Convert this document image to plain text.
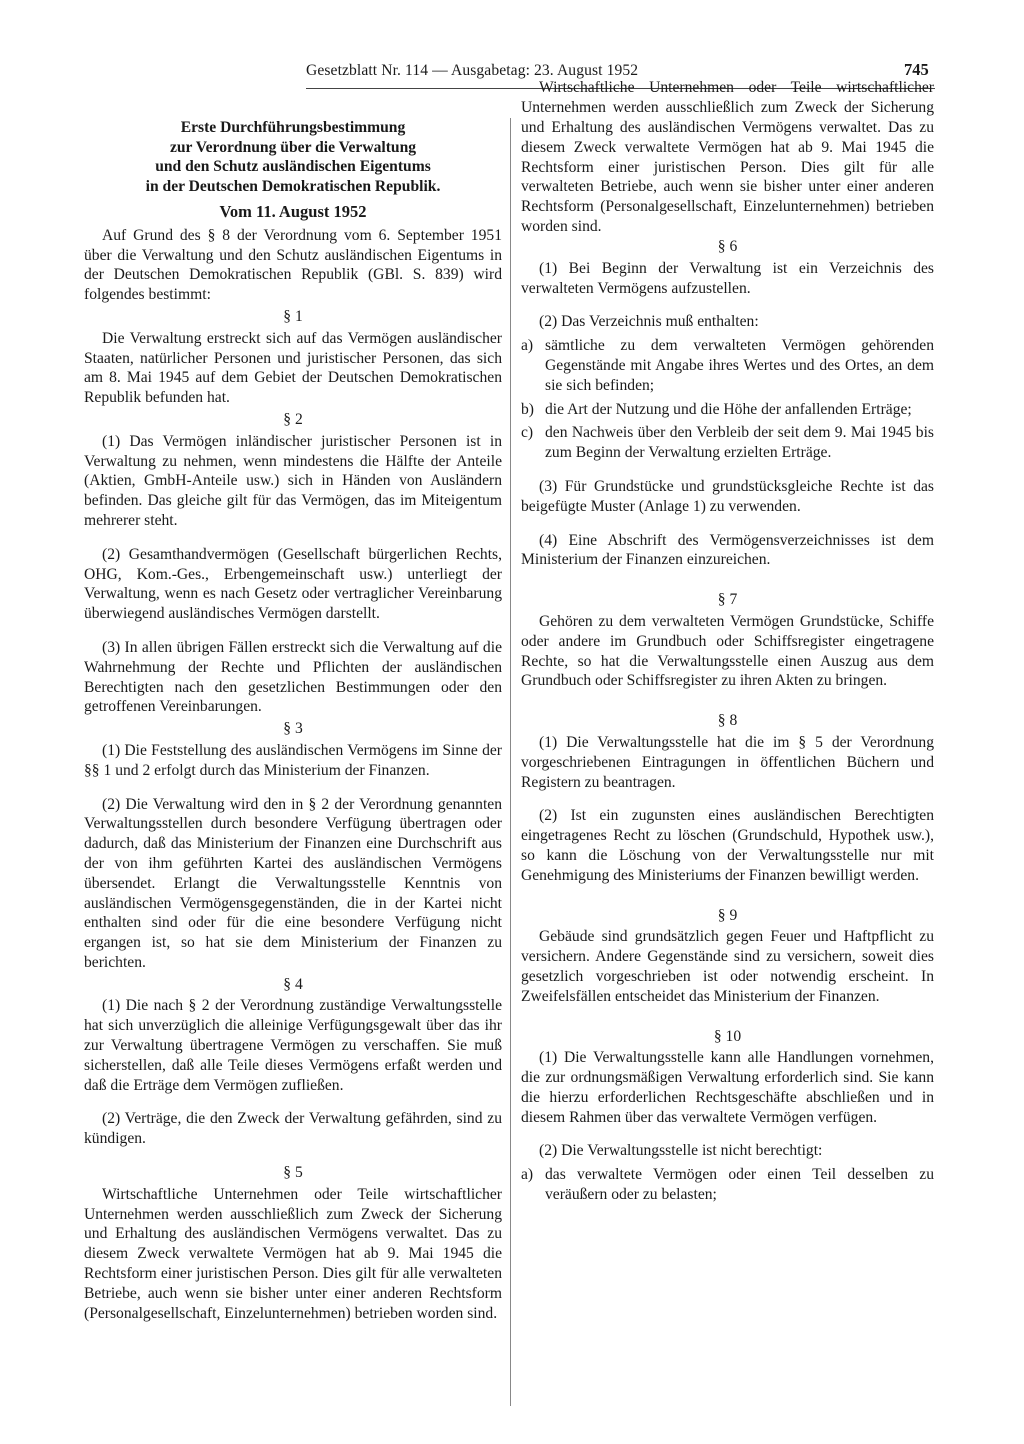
Gesetzblatt Nr. 114 — Ausgabetag: 23. August 1952	745
Erste Durchführungsbestimmung
zur Verordnung über die Verwaltung
und den Schutz ausländischen Eigentums
in der Deutschen Demokratischen Republik.
Vom 11. August 1952

Auf Grund des § 8 der Verordnung vom 6. September 1951 über die Verwaltung und den Schutz ausländischen Eigentums in der Deutschen Demokratischen Republik (GBl. S. 839) wird folgendes bestimmt:

§ 1

Die Verwaltung erstreckt sich auf das Vermögen ausländischer Staaten, natürlicher Personen und juristischer Personen, das sich am 8. Mai 1945 auf dem Gebiet der Deutschen Demokratischen Republik befunden hat.

§ 2

(1) Das Vermögen inländischer juristischer Personen ist in Verwaltung zu nehmen, wenn mindestens die Hälfte der Anteile (Aktien, GmbH-Anteile usw.) sich in Händen von Ausländern befinden. Das gleiche gilt für das Vermögen, das im Miteigentum mehrerer steht.

(2) Gesamthandvermögen (Gesellschaft bürgerlichen Rechts, OHG, Kom.-Ges., Erbengemeinschaft usw.) unterliegt der Verwaltung, wenn es nach Gesetz oder vertraglicher Vereinbarung überwiegend ausländisches Vermögen darstellt.

(3) In allen übrigen Fällen erstreckt sich die Verwaltung auf die Wahrnehmung der Rechte und Pflichten der ausländischen Berechtigten nach den gesetzlichen Bestimmungen oder den getroffenen Vereinbarungen.

§ 3

(1) Die Feststellung des ausländischen Vermögens im Sinne der §§ 1 und 2 erfolgt durch das Ministerium der Finanzen.

(2) Die Verwaltung wird den in § 2 der Verordnung genannten Verwaltungsstellen durch besondere Verfügung übertragen oder dadurch, daß das Ministerium der Finanzen eine Durchschrift aus der von ihm geführten Kartei des ausländischen Vermögens übersendet. Erlangt die Verwaltungsstelle Kenntnis von ausländischen Vermögensgegenständen, die in der Kartei nicht enthalten sind oder für die eine besondere Verfügung nicht ergangen ist, so hat sie dem Ministerium der Finanzen zu berichten.

§ 4

(1) Die nach § 2 der Verordnung zuständige Verwaltungsstelle hat sich unverzüglich die alleinige Verfügungsgewalt über das ihr zur Verwaltung übertragene Vermögen zu verschaffen. Sie muß sicherstellen, daß alle Teile dieses Vermögens erfaßt werden und daß die Erträge dem Vermögen zufließen.

(2) Verträge, die den Zweck der Verwaltung gefährden, sind zu kündigen.

§ 5

Wirtschaftliche Unternehmen oder Teile wirtschaftlicher Unternehmen werden ausschließlich zum Zweck der Sicherung und Erhaltung des ausländischen Vermögens verwaltet. Das zu diesem Zweck verwaltete Vermögen hat ab 9. Mai 1945 die Rechtsform einer juristischen Person. Dies gilt für alle verwalteten Betriebe, auch wenn sie bisher unter einer anderen Rechtsform (Personalgesellschaft, Einzelunternehmen) betrieben worden sind.

Wirtschaftliche Unternehmen oder Teile wirtschaftlicher Unternehmen werden ausschließlich zum Zweck der Sicherung und Erhaltung des ausländischen Vermögens verwaltet. Das zu diesem Zweck verwaltete Vermögen hat ab 9. Mai 1945 die Rechtsform einer juristischen Person. Dies gilt für alle verwalteten Betriebe, auch wenn sie bisher unter einer anderen Rechtsform (Personalgesellschaft, Einzelunternehmen) betrieben worden sind.

§ 6

(1) Bei Beginn der Verwaltung ist ein Verzeichnis des verwalteten Vermögens aufzustellen.

(2) Das Verzeichnis muß enthalten:

a) sämtliche zu dem verwalteten Vermögen gehörenden Gegenstände mit Angabe ihres Wertes und des Ortes, an dem sie sich befinden;
b) die Art der Nutzung und die Höhe der anfallenden Erträge;
c) den Nachweis über den Verbleib der seit dem 9. Mai 1945 bis zum Beginn der Verwaltung erzielten Erträge.

(3) Für Grundstücke und grundstücksgleiche Rechte ist das beigefügte Muster (Anlage 1) zu verwenden.

(4) Eine Abschrift des Vermögensverzeichnisses ist dem Ministerium der Finanzen einzureichen.

§ 7

Gehören zu dem verwalteten Vermögen Grundstücke, Schiffe oder andere im Grundbuch oder Schiffsregister eingetragene Rechte, so hat die Verwaltungsstelle einen Auszug aus dem Grundbuch oder Schiffsregister zu ihren Akten zu bringen.

§ 8

(1) Die Verwaltungsstelle hat die im § 5 der Verordnung vorgeschriebenen Eintragungen in öffentlichen Büchern und Registern zu beantragen.

(2) Ist ein zugunsten eines ausländischen Berechtigten eingetragenes Recht zu löschen (Grundschuld, Hypothek usw.), so kann die Löschung von der Verwaltungsstelle nur mit Genehmigung des Ministeriums der Finanzen bewilligt werden.

§ 9

Gebäude sind grundsätzlich gegen Feuer und Haftpflicht zu versichern. Andere Gegenstände sind zu versichern, soweit dies gesetzlich vorgeschrieben ist oder notwendig erscheint. In Zweifelsfällen entscheidet das Ministerium der Finanzen.

§ 10

(1) Die Verwaltungsstelle kann alle Handlungen vornehmen, die zur ordnungsmäßigen Verwaltung erforderlich sind. Sie kann die hierzu erforderlichen Rechtsgeschäfte abschließen und in diesem Rahmen über das verwaltete Vermögen verfügen.

(2) Die Verwaltungsstelle ist nicht berechtigt:

a) das verwaltete Vermögen oder einen Teil desselben zu veräußern oder zu belasten;
